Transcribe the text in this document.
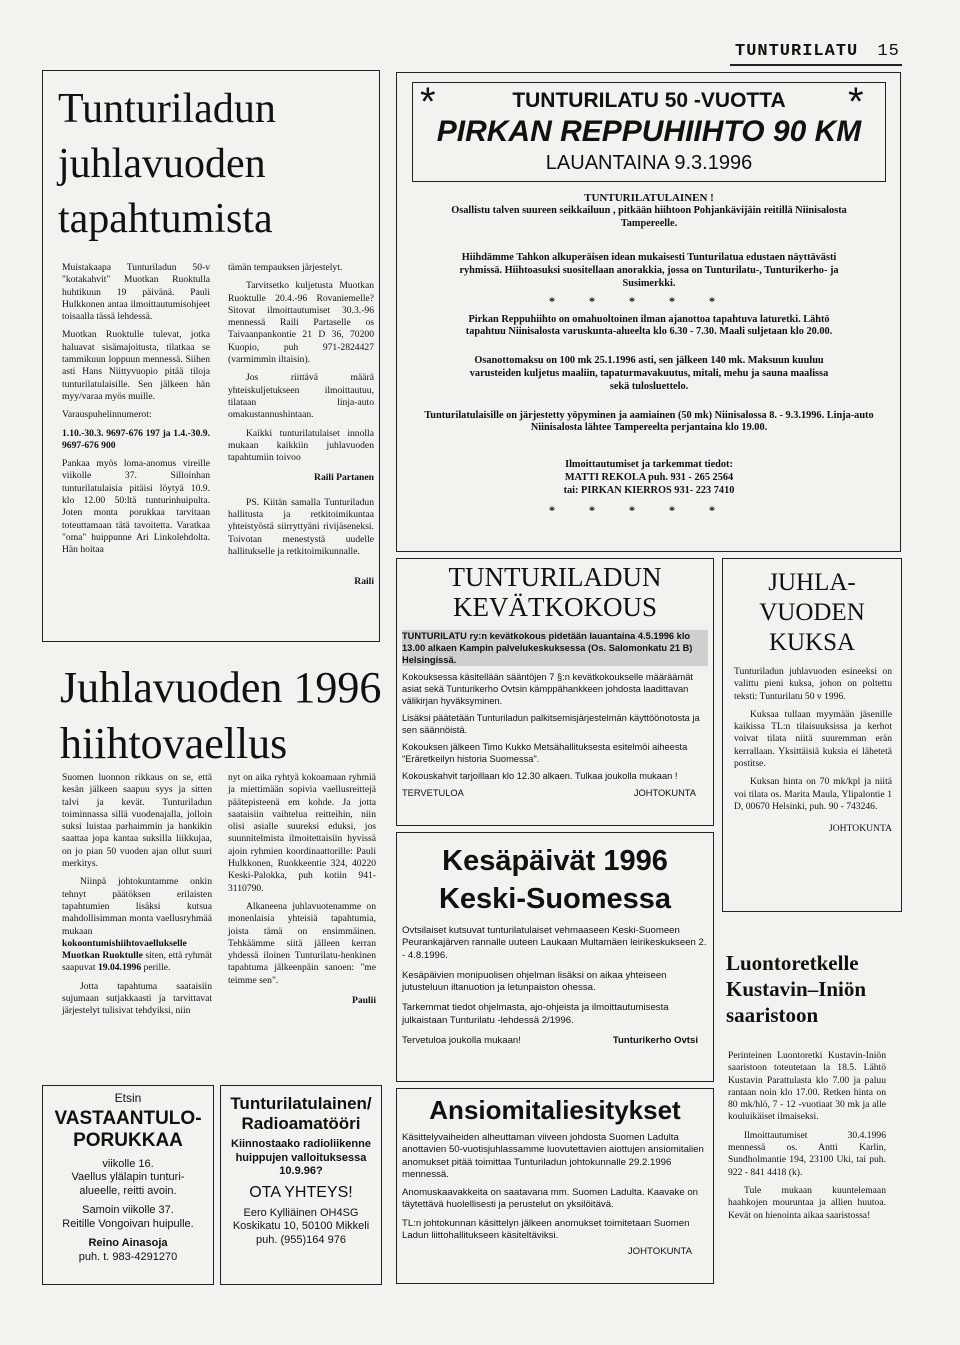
TUNTURILATU 15
Tunturiladun
juhlavuoden
tapahtumista

Muistakaapa Tunturiladun 50-v "kotakahvit" Muotkan Ruoktulla huhtikuun 19 päivänä. Pauli Hulkkonen antaa ilmoittautumisohjeet toisaalla tässä lehdessä.

Muotkan Ruoktulle tulevat, jotka haluavat sisämajoitusta, tilatkaa se tammikuun loppuun mennessä. Siihen asti Hans Niittyvuopio pitää tiloja tunturilatulaisille. Sen jälkeen hän myy/varaa myös muille.

Varauspuhelinnumerot:

1.10.-30.3. 9697-676 197 ja 1.4.-30.9. 9697-676 900

Pankaa myös loma-anomus vireille viikolle 37. Silloinhan tunturilatulaisia pitäisi löytyä 10.9. klo 12.00 50:ltä tunturinhuipulta. Joten monta porukkaa tarvitaan toteuttamaan tätä tavoitetta. Varatkaa "oma" huippunne Ari Linkolehdolta. Hän hoitaa

tämän tempauksen järjestelyt.

Tarvitsetko kuljetusta Muotkan Ruoktulle 20.4.-96 Rovaniemelle? Sitovat ilmoittautumiset 30.3.-96 mennessä Raili Partaselle os Taivaanpankontie 21 D 36, 70200 Kuopio, puh 971-2824427 (varmimmin iltaisin).

Jos riittävä määrä yhteiskuljetukseen ilmoittautuu, tilataan linja-auto omakustannushintaan.

Kaikki tunturilatulaiset innolla mukaan kaikkiin juhlavuoden tapahtumiin toivoo

Raili Partanen

PS. Kiitän samalla Tunturiladun hallitusta ja retkitoimikuntaa yhteistyöstä siirryttyäni rivijäseneksi. Toivotan menestystä uudelle hallitukselle ja retkitoimikunnalle.

Raili

Juhlavuoden 1996
hiihtovaellus

Suomen luonnon rikkaus on se, että kesän jälkeen saapuu syys ja sitten talvi ja kevät. Tunturiladun toiminnassa sillä vuodenajalla, jolloin suksi luistaa parhaimmin ja hankikin saattaa jopa kantaa suksilla liikkujaa, on jo pian 50 vuoden ajan ollut suuri merkitys.

Niinpä johtokuntamme onkin tehnyt päätöksen erilaisten tapahtumien lisäksi kutsua mahdollisimman monta vaellusryhmää mukaan kokoontumishiihtovaellukselle Muotkan Ruoktulle siten, että ryhmät saapuvat 19.04.1996 perille.

Jotta tapahtuma saataisiin sujumaan sutjakkaasti ja tarvittavat järjestelyt tulisivat tehdyiksi, niin

nyt on aika ryhtyä kokoamaan ryhmiä ja miettimään sopivia vaellusreittejä päätepisteenä em kohde. Ja jotta saataisiin vaihtelua reitteihin, niin olisi asialle suureksi eduksi, jos suunnitelmista ilmoitettaisiin hyvissä ajoin ryhmien koordinaattorille: Pauli Hulkkonen, Ruokkeentie 324, 40220 Keski-Palokka, puh kotiin 941-3110790.

Alkaneena juhlavuotenamme on monenlaisia yhteisiä tapahtumia, joista tämä on ensimmäinen. Tehkäämme siitä jälleen kerran yhdessä iloinen Tunturilatu-henkinen tapahtuma jälkeenpäin sanoen: "me teimme sen".

Paulii

Etsin
VASTAANTULO-
PORUKKAA
viikolle 16.
Vaellus ylälapin tunturi-
alueelle, reitti avoin.
Samoin viikolle 37.
Reitille Vongoivan huipulle.
Reino Ainasoja
puh. t. 983-4291270
Tunturilatulainen/
Radioamatööri
Kiinnostaako radioliikenne
huippujen valloituksessa
10.9.96?
OTA YHTEYS!
Eero Kylliäinen OH4SG
Koskikatu 10, 50100 Mikkeli
puh. (955)164 976
*	*
TUNTURILATU 50 -VUOTTA
PIRKAN REPPUHIIHTO 90 KM
LAUANTAINA 9.3.1996
TUNTURILATULAINEN !
Osallistu talven suureen seikkailuun , pitkään hiihtoon Pohjankävijäin reitillä Niinisalosta Tampereelle.
Hiihdämme Tahkon alkuperäisen idean mukaisesti Tunturilatua edustaen näyttävästi ryhmissä. Hiihtoasuksi suositellaan anorakkia, jossa on Tunturilatu-, Tunturikerho- ja Susimerkki.
*****
Pirkan Reppuhiihto on omahuoltoinen ilman ajanottoa tapahtuva laturetki. Lähtö tapahtuu Niinisalosta varuskunta-alueelta klo 6.30 - 7.30. Maali suljetaan klo 20.00.
Osanottomaksu on 100 mk 25.1.1996 asti, sen jälkeen 140 mk. Maksuun kuuluu varusteiden kuljetus maaliin, tapaturmavakuutus, mitali, mehu ja sauna maalissa sekä tulosluettelo.
Tunturilatulaisille on järjestetty yöpyminen ja aamiainen (50 mk) Niinisalossa 8. - 9.3.1996. Linja-auto Niinisalosta lähtee Tampereelta perjantaina klo 19.00.
Ilmoittautumiset ja tarkemmat tiedot:
MATTI REKOLA puh. 931 - 265 2564
tai: PIRKAN KIERROS 931- 223 7410
*****
TUNTURILADUN
KEVÄTKOKOUS

TUNTURILATU ry:n kevätkokous pidetään lauantaina 4.5.1996 klo 13.00 alkaen Kampin palvelukeskuksessa (Os. Salomonkatu 21 B) Helsingissä.

Kokouksessa käsitellään sääntöjen 7 §:n kevätkokoukselle määräämät asiat sekä Tunturikerho Ovtsin kämppähankkeen johdosta laadittavan välikirjan hyväksyminen.

Lisäksi päätetään Tunturiladun palkitsemisjärjestelmän käyttöönotosta ja sen säännöistä.

Kokouksen jälkeen Timo Kukko Metsähallituksesta esitelmöi aiheesta "Eräretkeilyn historia Suomessa".

Kokouskahvit tarjoillaan klo 12.30 alkaen. Tulkaa joukolla mukaan !

TERVETULOA	JOHTOKUNTA
JUHLA-
VUODEN
KUKSA

Tunturiladun juhlavuoden esineeksi on valittu pieni kuksa, johon on poltettu teksti: Tunturilatu 50 v 1996.

Kuksaa tullaan myymään jäsenille kaikissa TL:n tilaisuuksissa ja kerhot voivat tilata niitä suuremman erän kerrallaan. Yksittäisiä kuksia ei lähetetä postitse.

Kuksan hinta on 70 mk/kpl ja niitä voi tilata os. Marita Maula, Ylipalontie 1 D, 00670 Helsinki, puh. 90 - 743246.

JOHTOKUNTA

Kesäpäivät 1996
Keski-Suomessa

Ovtsilaiset kutsuvat tunturilatulaiset vehmaaseen Keski-Suomeen Peurankajärven rannalle uuteen Laukaan Multamäen leirikeskukseen 2. - 4.8.1996.

Kesäpäivien monipuolisen ohjelman lisäksi on aikaa yhteiseen jutusteluun iltanuotion ja letunpaiston ohessa.

Tarkemmat tiedot ohjelmasta, ajo-ohjeista ja ilmoittautumisesta julkaistaan Tunturilatu -lehdessä 2/1996.

Tervetuloa joukolla mukaan!	Tunturikerho Ovtsi
Ansiomitaliesitykset

Käsittelyvaiheiden alheuttaman viiveen johdosta Suomen Ladulta anottavien 50-vuotisjuhlassamme luovutettavien aiottujen ansiomitalien anomukset pitää toimittaa Tunturiladun johtokunnalle 29.2.1996 mennessä.

Anomuskaavakkeita on saatavana mm. Suomen Ladulta. Kaavake on täytettävä huolellisesti ja perustelut on yksilöitävä.

TL:n johtokunnan käsittelyn jälkeen anomukset toimitetaan Suomen Ladun liittohallitukseen käsiteltäviksi.

JOHTOKUNTA

Luontoretkelle
Kustavin–Iniön
saaristoon

Perinteinen Luontoretki Kustavin-Iniön saaristoon toteutetaan la 18.5. Lähtö Kustavin Parattulasta klo 7.00 ja paluu rantaan noin klo 17.00. Retken hinta on 80 mk/hlö, 7 - 12 -vuotiaat 30 mk ja alle kouluikäiset ilmaiseksi.

Ilmoittautumiset 30.4.1996 mennessä os. Antti Karlin, Sundholmantie 194, 23100 Uki, tai puh. 922 - 841 4418 (k).

Tule mukaan kuuntelemaan haahkojen mouruntaa ja allien huutoa. Kevät on hienointa aikaa saaristossa!
